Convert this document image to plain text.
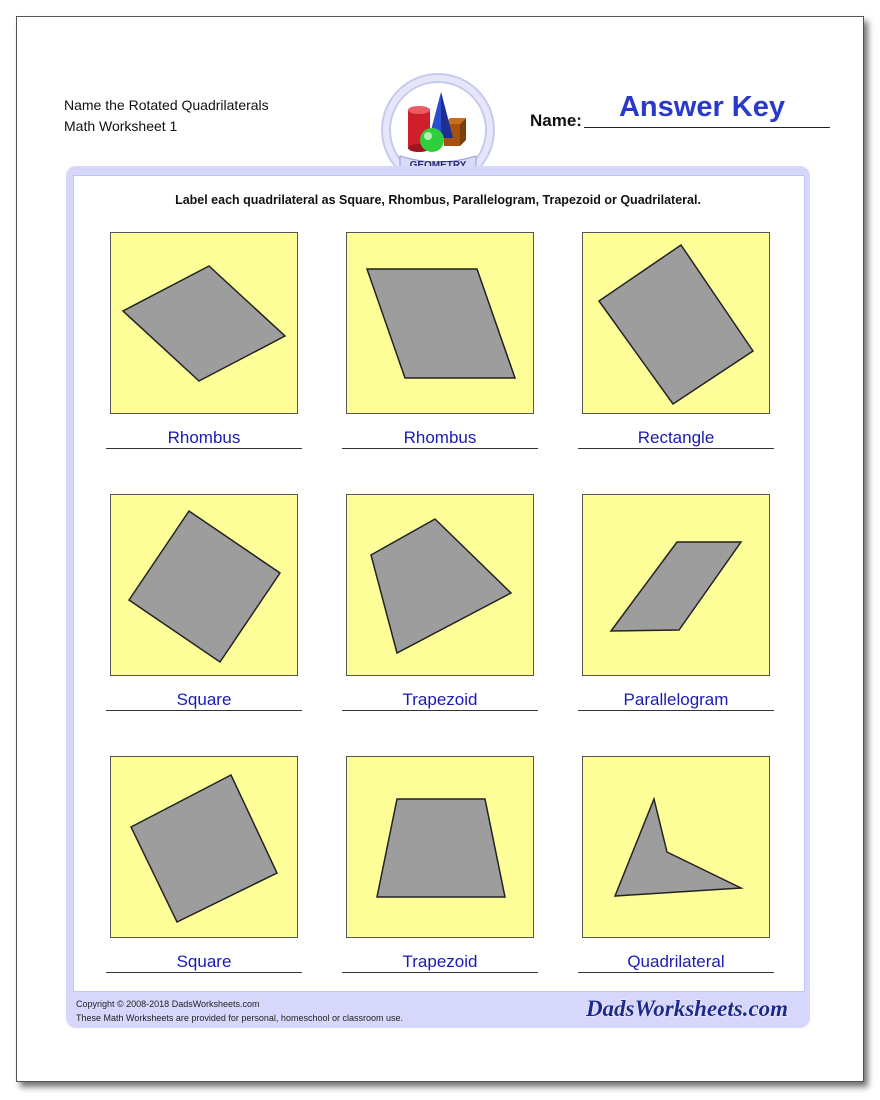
Name the Rotated Quadrilaterals
Math Worksheet 1	Name:	Answer Key
Label each quadrilateral as Square, Rhombus, Parallelogram, Trapezoid or Quadrilateral.
Rhombus	Rhombus	Rectangle
Square	Trapezoid	Parallelogram
Square	Trapezoid	Quadrilateral
Copyright © 2008-2018 DadsWorksheets.com
These Math Worksheets are provided for personal, homeschool or classroom use.	DadsWorksheets.com
